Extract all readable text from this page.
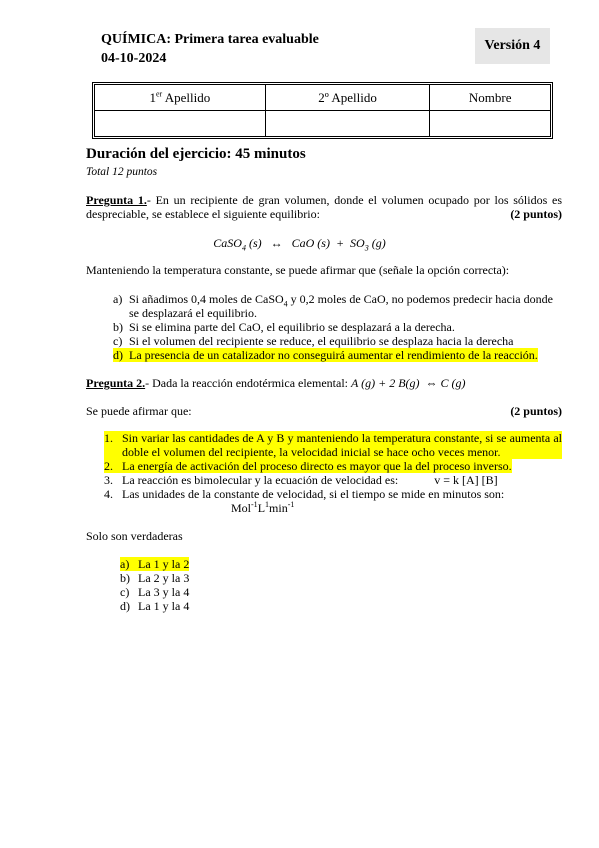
QUÍMICA: Primera tarea evaluable
04-10-2024
Versión 4
1er Apellido	2º Apellido	Nombre

Duración del ejercicio: 45 minutos
Total 12 puntos
Pregunta 1.- En un recipiente de gran volumen, donde el volumen ocupado por los sólidos es despreciable, se establece el siguiente equilibrio:	(2 puntos)
CaSO$_4$ (s)   ↔   CaO $(s) + SO_3$ (g)
Manteniendo la temperatura constante, se puede afirmar que (señale la opción correcta):
a) Si añadimos 0,4 moles de CaSO$_4$ y 0,2 moles de CaO, no podemos predecir hacia donde se desplazará el equilibrio.
b) Si se elimina parte del CaO, el equilibrio se desplazará a la derecha.
c) Si el volumen del recipiente se reduce, el equilibrio se desplaza hacia la derecha
d) La presencia de un catalizador no conseguirá aumentar el rendimiento de la reacción.
Pregunta 2.- Dada la reacción endotérmica elemental: A (g) + 2 B(g)  ⇔ C (g)
Se puede afirmar que:	(2 puntos)
1. Sin variar las cantidades de A y B y manteniendo la temperatura constante, si se aumenta al doble el volumen del recipiente, la velocidad inicial se hace ocho veces menor.
2. La energía de activación del proceso directo es mayor que la del proceso inverso.
3. La reacción es bimolecular y la ecuación de velocidad es:	v = k [A] [B]
4. Las unidades de la constante de velocidad, si el tiempo se mide en minutos son:
$Mol^{-1}L^1\min^{-1}$
Solo son verdaderas
a) La 1 y la 2
b) La 2 y la 3
c) La 3 y la 4
d) La 1 y la 4
